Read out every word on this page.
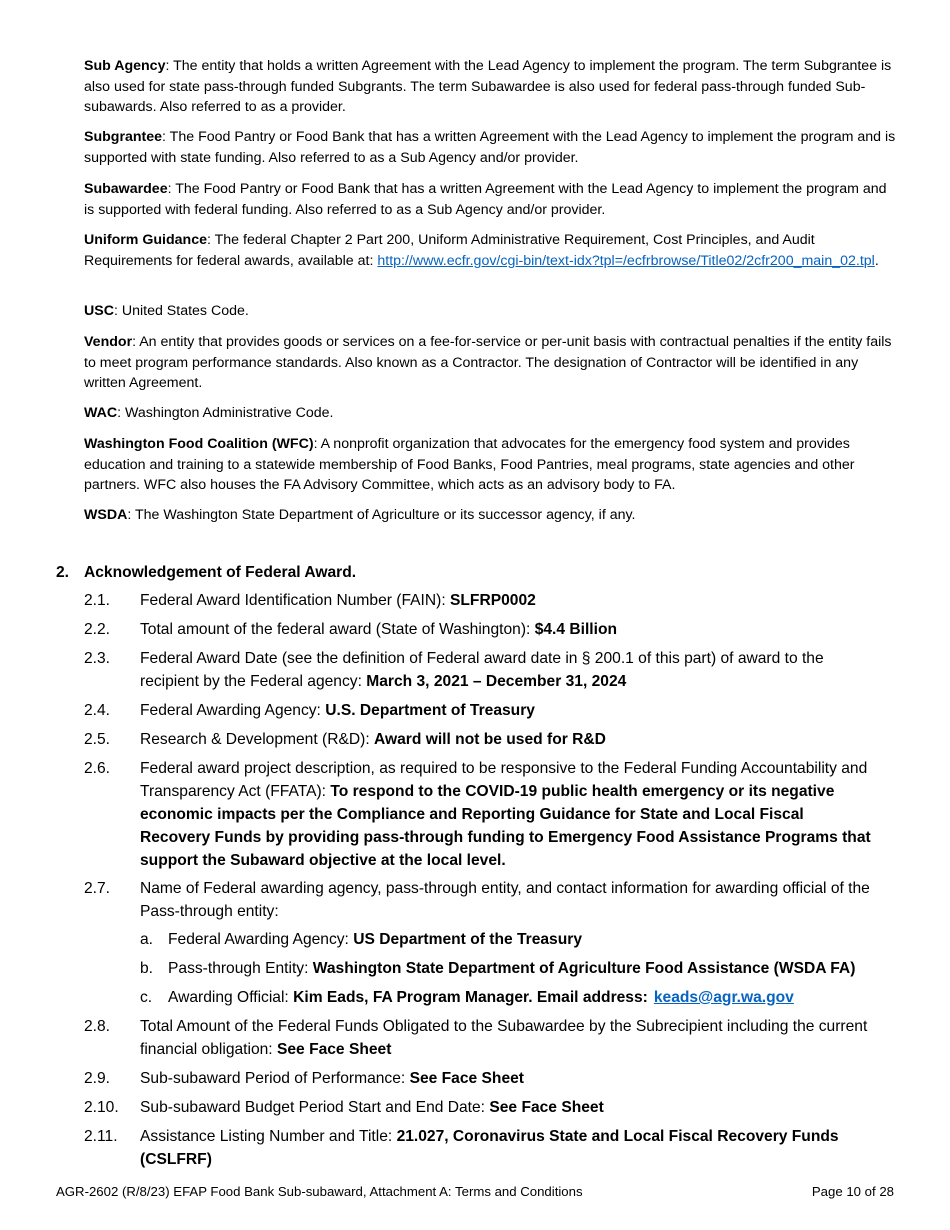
Sub Agency: The entity that holds a written Agreement with the Lead Agency to implement the program. The term Subgrantee is also used for state pass-through funded Subgrants. The term Subawardee is also used for federal pass-through funded Sub-subawards. Also referred to as a provider.

Subgrantee: The Food Pantry or Food Bank that has a written Agreement with the Lead Agency to implement the program and is supported with state funding. Also referred to as a Sub Agency and/or provider.

Subawardee: The Food Pantry or Food Bank that has a written Agreement with the Lead Agency to implement the program and is supported with federal funding. Also referred to as a Sub Agency and/or provider.

Uniform Guidance: The federal Chapter 2 Part 200, Uniform Administrative Requirement, Cost Principles, and Audit Requirements for federal awards, available at: http://www.ecfr.gov/cgi-bin/text-idx?tpl=/ecfrbrowse/Title02/2cfr200_main_02.tpl.

USC: United States Code.

Vendor: An entity that provides goods or services on a fee-for-service or per-unit basis with contractual penalties if the entity fails to meet program performance standards. Also known as a Contractor. The designation of Contractor will be identified in any written Agreement.

WAC: Washington Administrative Code.

Washington Food Coalition (WFC): A nonprofit organization that advocates for the emergency food system and provides education and training to a statewide membership of Food Banks, Food Pantries, meal programs, state agencies and other partners. WFC also houses the FA Advisory Committee, which acts as an advisory body to FA.

WSDA: The Washington State Department of Agriculture or its successor agency, if any.

2. Acknowledgement of Federal Award.
2.1. Federal Award Identification Number (FAIN): SLFRP0002
2.2. Total amount of the federal award (State of Washington): $4.4 Billion
2.3. Federal Award Date (see the definition of Federal award date in § 200.1 of this part) of award to the recipient by the Federal agency: March 3, 2021 – December 31, 2024
2.4. Federal Awarding Agency: U.S. Department of Treasury
2.5. Research & Development (R&D): Award will not be used for R&D
2.6. Federal award project description, as required to be responsive to the Federal Funding Accountability and Transparency Act (FFATA): To respond to the COVID-19 public health emergency or its negative economic impacts per the Compliance and Reporting Guidance for State and Local Fiscal Recovery Funds by providing pass-through funding to Emergency Food Assistance Programs that support the Subaward objective at the local level.
2.7. Name of Federal awarding agency, pass-through entity, and contact information for awarding official of the Pass-through entity:
a. Federal Awarding Agency: US Department of the Treasury
b. Pass-through Entity: Washington State Department of Agriculture Food Assistance (WSDA FA)
c. Awarding Official: Kim Eads, FA Program Manager. Email address: keads@agr.wa.gov
2.8. Total Amount of the Federal Funds Obligated to the Subawardee by the Subrecipient including the current financial obligation: See Face Sheet
2.9. Sub-subaward Period of Performance: See Face Sheet
2.10. Sub-subaward Budget Period Start and End Date: See Face Sheet
2.11. Assistance Listing Number and Title: 21.027, Coronavirus State and Local Fiscal Recovery Funds (CSLFRF)
AGR-2602 (R/8/23) EFAP Food Bank Sub-subaward, Attachment A: Terms and Conditions	Page 10 of 28
